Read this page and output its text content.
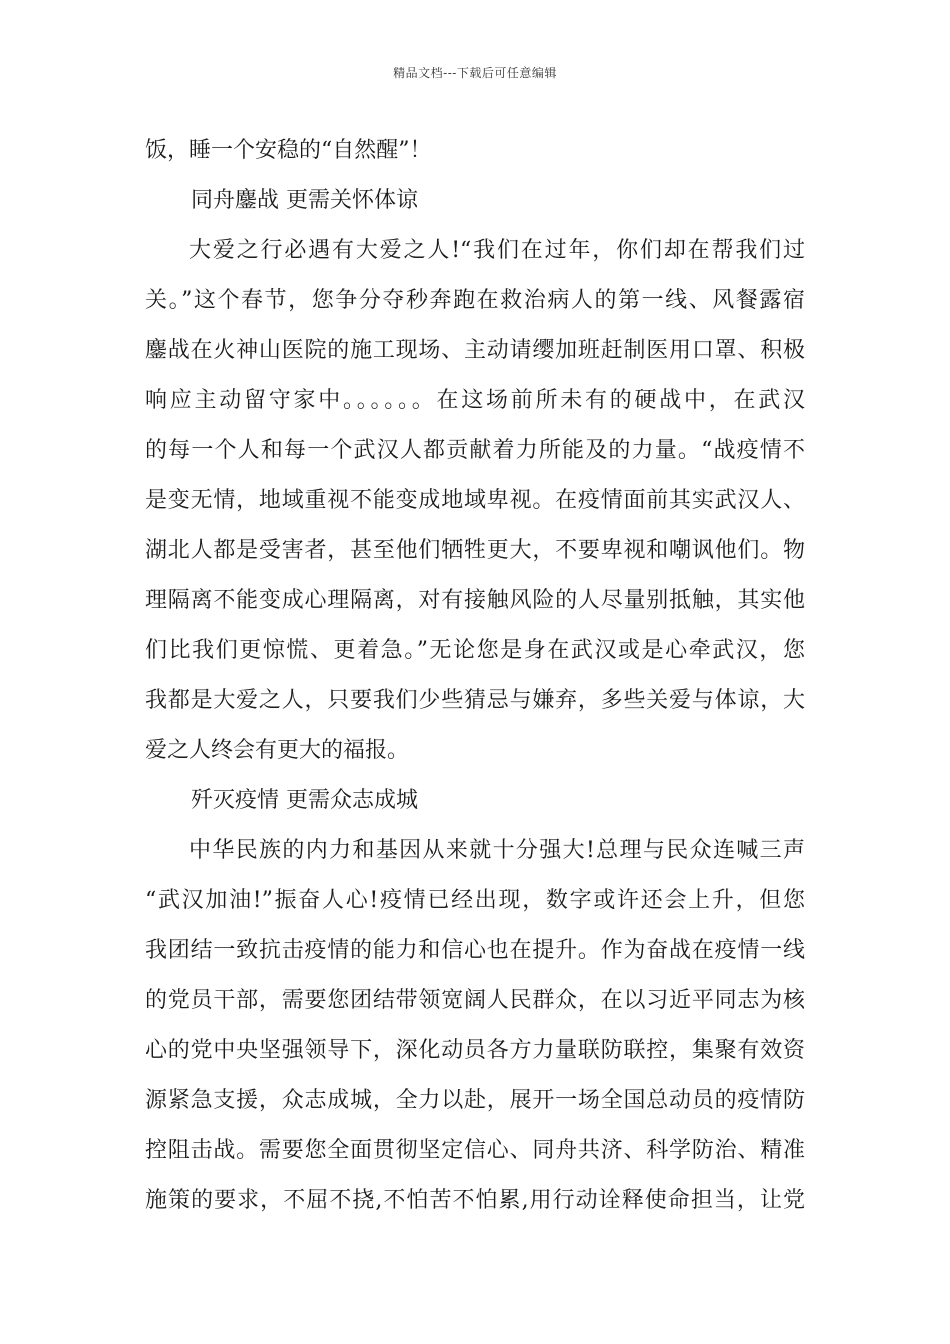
精品文档---下载后可任意编辑
饭，睡一个安稳的“自然醒”！
同舟鏖战 更需关怀体谅
大爱之行必遇有大爱之人!“我们在过年，你们却在帮我们过
关。”这个春节，您争分夺秒奔跑在救治病人的第一线、风餐露宿
鏖战在火神山医院的施工现场、主动请缨加班赶制医用口罩、积极
响应主动留守家中。。。。。。在这场前所未有的硬战中，在武汉
的每一个人和每一个武汉人都贡献着力所能及的力量。“战疫情不
是变无情，地域重视不能变成地域卑视。在疫情面前其实武汉人、
湖北人都是受害者，甚至他们牺牲更大，不要卑视和嘲讽他们。物
理隔离不能变成心理隔离，对有接触风险的人尽量别抵触，其实他
们比我们更惊慌、更着急。”无论您是身在武汉或是心牵武汉，您
我都是大爱之人，只要我们少些猜忌与嫌弃，多些关爱与体谅，大
爱之人终会有更大的福报。
歼灭疫情 更需众志成城
中华民族的内力和基因从来就十分强大!总理与民众连喊三声
“武汉加油!”振奋人心!疫情已经出现，数字或许还会上升，但您
我团结一致抗击疫情的能力和信心也在提升。作为奋战在疫情一线
的党员干部，需要您团结带领宽阔人民群众，在以习近平同志为核
心的党中央坚强领导下，深化动员各方力量联防联控，集聚有效资
源紧急支援，众志成城，全力以赴，展开一场全国总动员的疫情防
控阻击战。需要您全面贯彻坚定信心、同舟共济、科学防治、精准
施策的要求，不屈不挠,不怕苦不怕累,用行动诠释使命担当，让党
